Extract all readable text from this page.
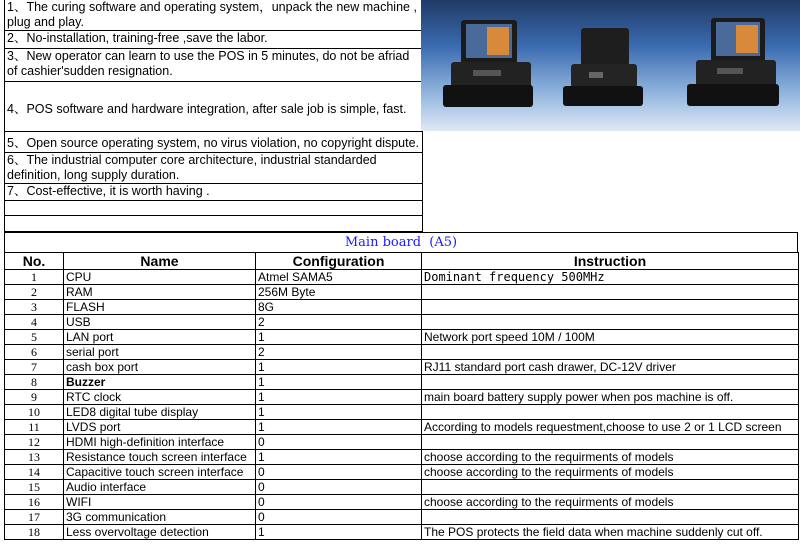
1、The curing software and operating system，unpack the new machine , plug and play.
2、No-installation, training-free ,save the labor.
3、New operator can learn to use the POS in 5 minutes, do not be afriad of cashier'sudden resignation.
4、POS software and hardware integration, after sale job is simple, fast.
5、Open source operating system, no virus violation, no copyright dispute.
6、The industrial computer core architecture, industrial standarded definition, long supply duration.
7、Cost-effective, it is worth having .
Main board  (A5)
No.	Name	Configuration	Instruction
1	CPU	Atmel SAMA5	Dominant frequency 500MHz
2	RAM	256M Byte	
3	FLASH	8G	
4	USB	2	
5	LAN port	1	Network port speed 10M / 100M
6	serial port	2	
7	cash box port	1	RJ11 standard port cash drawer, DC-12V driver
8	Buzzer	1	
9	RTC clock	1	main board battery supply power when pos machine is off.
10	LED8 digital tube display	1	
11	LVDS port	1	According to models requestment,choose to use 2 or 1 LCD screen
12	HDMI high-definition interface	0	
13	Resistance touch screen interface	1	choose according to the requirments of models
14	Capacitive touch screen interface	0	choose according to the requirments of models
15	Audio interface	0	
16	WIFI	0	choose according to the requirments of models
17	3G communication	0	
18	Less overvoltage detection	1	The POS protects the field data when machine suddenly cut off.
